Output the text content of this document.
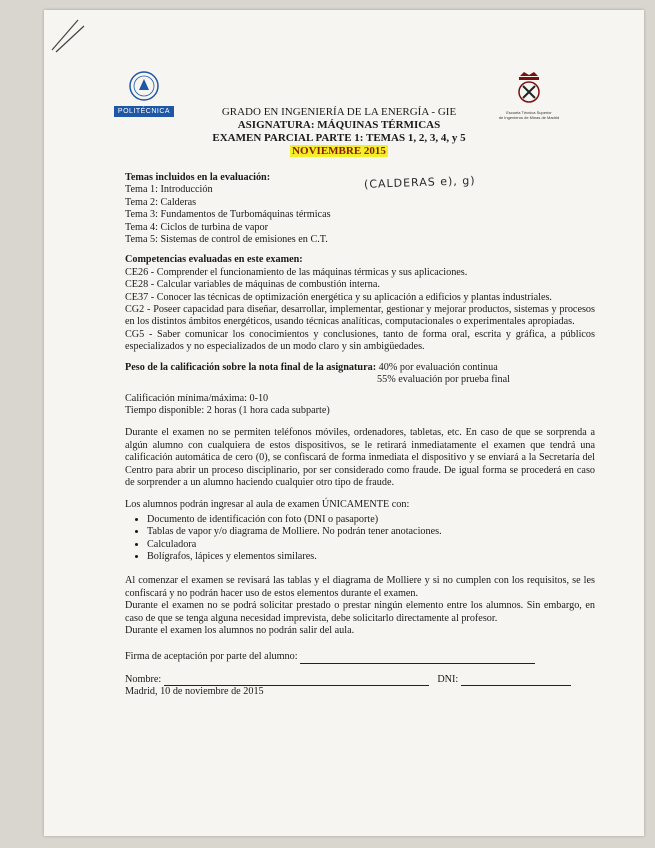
POLITÉCNICA	Escuela Técnica Superior
de Ingenieros de Minas de Madrid
GRADO EN INGENIERÍA DE LA ENERGÍA - GIE
ASIGNATURA: MÁQUINAS TÉRMICAS
EXAMEN PARCIAL PARTE 1: TEMAS 1, 2, 3, 4, y 5
NOVIEMBRE 2015
(CALDERAS e), g)
Temas incluidos en la evaluación:
Tema 1: Introducción
Tema 2: Calderas
Tema 3: Fundamentos de Turbomáquinas térmicas
Tema 4: Ciclos de turbina de vapor
Tema 5: Sistemas de control de emisiones en C.T.
Competencias evaluadas en este examen:
CE26 - Comprender el funcionamiento de las máquinas térmicas y sus aplicaciones.
CE28 - Calcular variables de máquinas de combustión interna.
CE37 - Conocer las técnicas de optimización energética y su aplicación a edificios y plantas industriales.
CG2 - Poseer capacidad para diseñar, desarrollar, implementar, gestionar y mejorar productos, sistemas y procesos en los distintos ámbitos energéticos, usando técnicas analíticas, computacionales o experimentales apropiadas.
CG5 - Saber comunicar los conocimientos y conclusiones, tanto de forma oral, escrita y gráfica, a públicos especializados y no especializados de un modo claro y sin ambigüedades.
Peso de la calificación sobre la nota final de la asignatura:
40% por evaluación continua
55% evaluación por prueba final
Calificación mínima/máxima: 0-10
Tiempo disponible: 2 horas (1 hora cada subparte)
Durante el examen no se permiten teléfonos móviles, ordenadores, tabletas, etc. En caso de que se sorprenda a algún alumno con cualquiera de estos dispositivos, se le retirará inmediatamente el examen que tendrá una calificación automática de cero (0), se confiscará de forma inmediata el dispositivo y se enviará a la Secretaría del Centro para abrir un proceso disciplinario, por ser considerado como fraude. De igual forma se procederá en caso de sorprender a un alumno haciendo cualquier otro tipo de fraude.
Los alumnos podrán ingresar al aula de examen ÚNICAMENTE con:
• Documento de identificación con foto (DNI o pasaporte)
• Tablas de vapor y/o diagrama de Molliere. No podrán tener anotaciones.
• Calculadora
• Bolígrafos, lápices y elementos similares.
Al comenzar el examen se revisará las tablas y el diagrama de Molliere y si no cumplen con los requisitos, se les confiscará y no podrán hacer uso de estos elementos durante el examen.
Durante el examen no se podrá solicitar prestado o prestar ningún elemento entre los alumnos. Sin embargo, en caso de que se tenga alguna necesidad imprevista, debe solicitarlo directamente al profesor.
Durante el examen los alumnos no podrán salir del aula.
Firma de aceptación por parte del alumno:
Nombre:	DNI:
Madrid, 10 de noviembre de 2015
